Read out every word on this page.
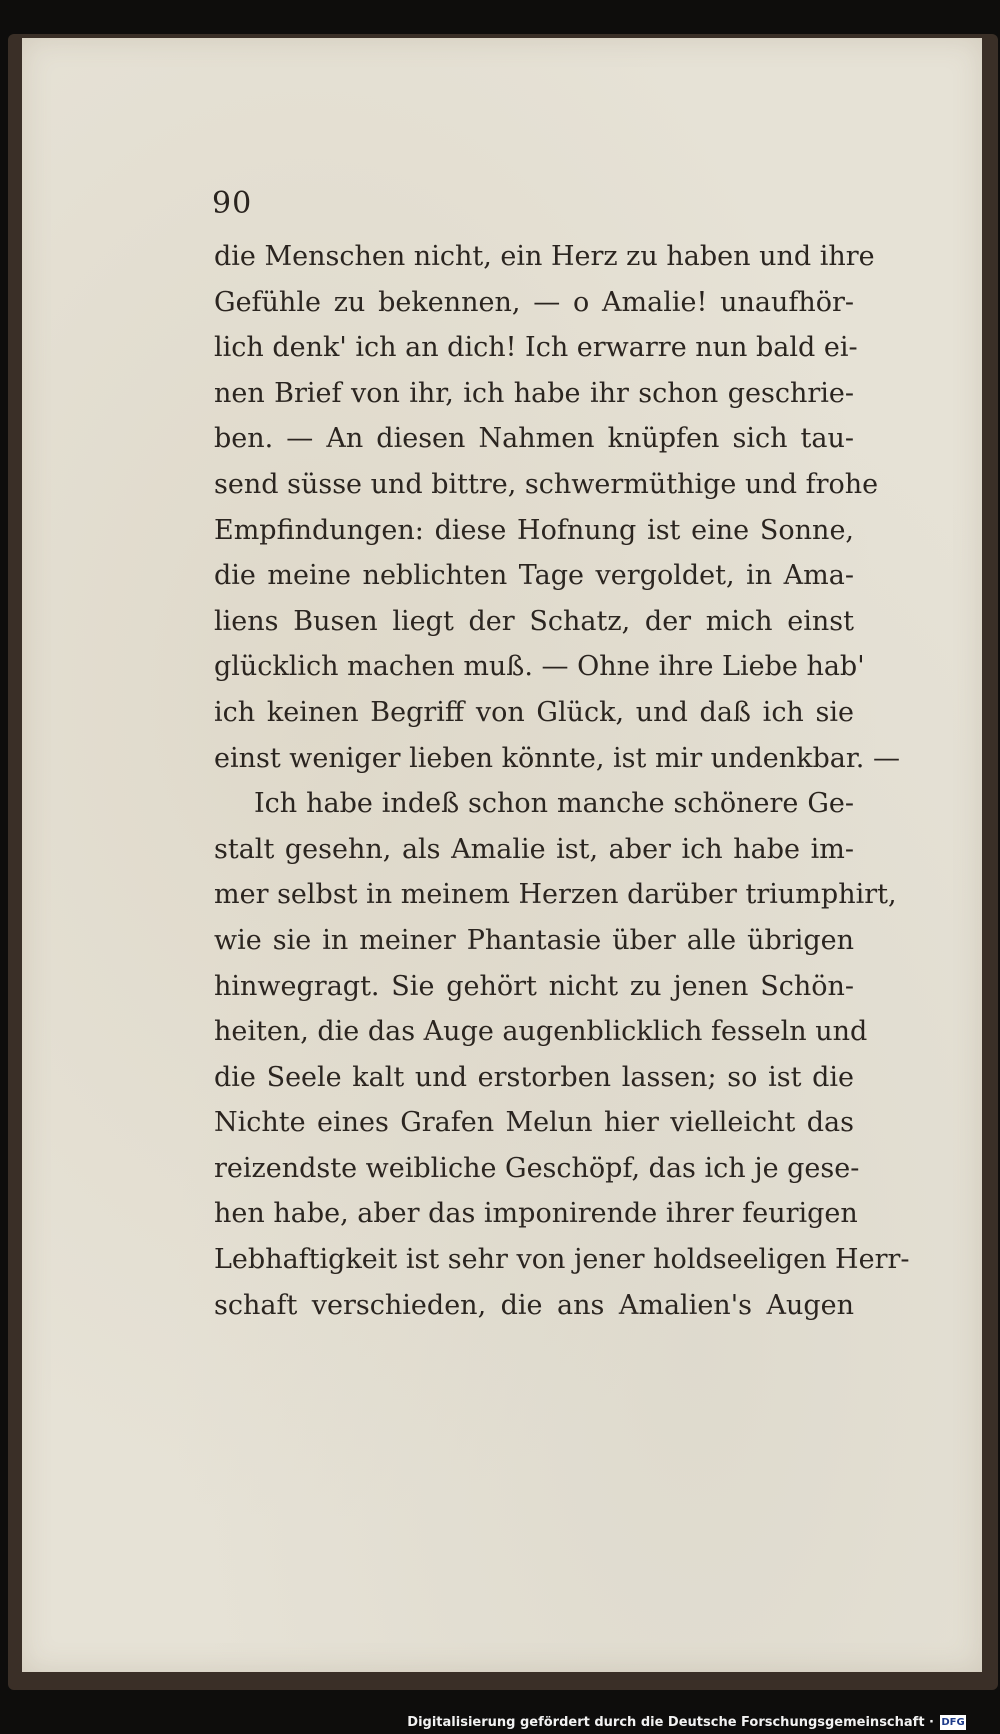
90
die Menschen nicht, ein Herz zu haben und ihre
Gefühle zu bekennen, — o Amalie! unaufhör-
lich denk' ich an dich! Ich erwarre nun bald ei-
nen Brief von ihr, ich habe ihr schon geschrie-
ben. — An diesen Nahmen knüpfen sich tau-
send süsse und bittre, schwermüthige und frohe
Empfindungen: diese Hofnung ist eine Sonne,
die meine neblichten Tage vergoldet, in Ama-
liens Busen liegt der Schatz, der mich einst
glücklich machen muß. — Ohne ihre Liebe hab'
ich keinen Begriff von Glück, und daß ich sie
einst weniger lieben könnte, ist mir undenkbar. —
Ich habe indeß schon manche schönere Ge-
stalt gesehn, als Amalie ist, aber ich habe im-
mer selbst in meinem Herzen darüber triumphirt,
wie sie in meiner Phantasie über alle übrigen
hinwegragt. Sie gehört nicht zu jenen Schön-
heiten, die das Auge augenblicklich fesseln und
die Seele kalt und erstorben lassen; so ist die
Nichte eines Grafen Melun hier vielleicht das
reizendste weibliche Geschöpf, das ich je gese-
hen habe, aber das imponirende ihrer feurigen
Lebhaftigkeit ist sehr von jener holdseeligen Herr-
schaft verschieden, die ans Amalien's Augen
Digitalisierung gefördert durch die Deutsche Forschungsgemeinschaft · DFG
